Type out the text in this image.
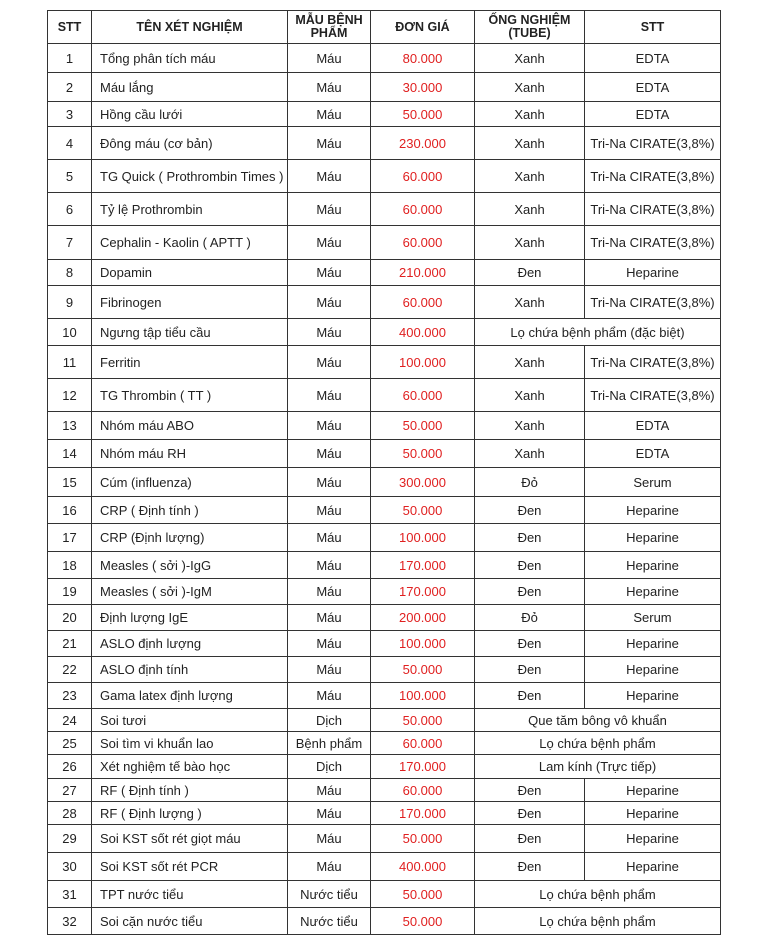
STT	TÊN XÉT NGHIỆM	MẪU BỆNH PHẨM	ĐƠN GIÁ	ỐNG NGHIỆM (TUBE)	STT
1	Tổng phân tích máu	Máu	80.000	Xanh	EDTA
2	Máu lắng	Máu	30.000	Xanh	EDTA
3	Hồng cầu lưới	Máu	50.000	Xanh	EDTA
4	Đông máu (cơ bản)	Máu	230.000	Xanh	Tri-Na CIRATE(3,8%)
5	TG Quick ( Prothrombin Times )	Máu	60.000	Xanh	Tri-Na CIRATE(3,8%)
6	Tỷ lệ Prothrombin	Máu	60.000	Xanh	Tri-Na CIRATE(3,8%)
7	Cephalin - Kaolin ( APTT )	Máu	60.000	Xanh	Tri-Na CIRATE(3,8%)
8	Dopamin	Máu	210.000	Đen	Heparine
9	Fibrinogen	Máu	60.000	Xanh	Tri-Na CIRATE(3,8%)
10	Ngưng tập tiểu cầu	Máu	400.000	Lọ chứa bệnh phẩm (đặc biệt)	
11	Ferritin	Máu	100.000	Xanh	Tri-Na CIRATE(3,8%)
12	TG Thrombin ( TT )	Máu	60.000	Xanh	Tri-Na CIRATE(3,8%)
13	Nhóm máu ABO	Máu	50.000	Xanh	EDTA
14	Nhóm máu RH	Máu	50.000	Xanh	EDTA
15	Cúm (influenza)	Máu	300.000	Đỏ	Serum
16	CRP ( Định tính )	Máu	50.000	Đen	Heparine
17	CRP (Định lượng)	Máu	100.000	Đen	Heparine
18	Measles ( sởi )-IgG	Máu	170.000	Đen	Heparine
19	Measles ( sởi )-IgM	Máu	170.000	Đen	Heparine
20	Định lượng IgE	Máu	200.000	Đỏ	Serum
21	ASLO định lượng	Máu	100.000	Đen	Heparine
22	ASLO định tính	Máu	50.000	Đen	Heparine
23	Gama latex định lượng	Máu	100.000	Đen	Heparine
24	Soi tươi	Dịch	50.000	Que tăm bông vô khuẩn	
25	Soi tìm vi khuẩn lao	Bệnh phẩm	60.000	Lọ chứa bệnh phẩm	
26	Xét nghiệm tế bào học	Dịch	170.000	Lam kính (Trực tiếp)	
27	RF ( Định tính )	Máu	60.000	Đen	Heparine
28	RF ( Định lượng )	Máu	170.000	Đen	Heparine
29	Soi KST sốt rét giọt máu	Máu	50.000	Đen	Heparine
30	Soi KST sốt rét PCR	Máu	400.000	Đen	Heparine
31	TPT nước tiểu	Nước tiểu	50.000	Lọ chứa bệnh phẩm	
32	Soi cặn nước tiểu	Nước tiểu	50.000	Lọ chứa bệnh phẩm	
